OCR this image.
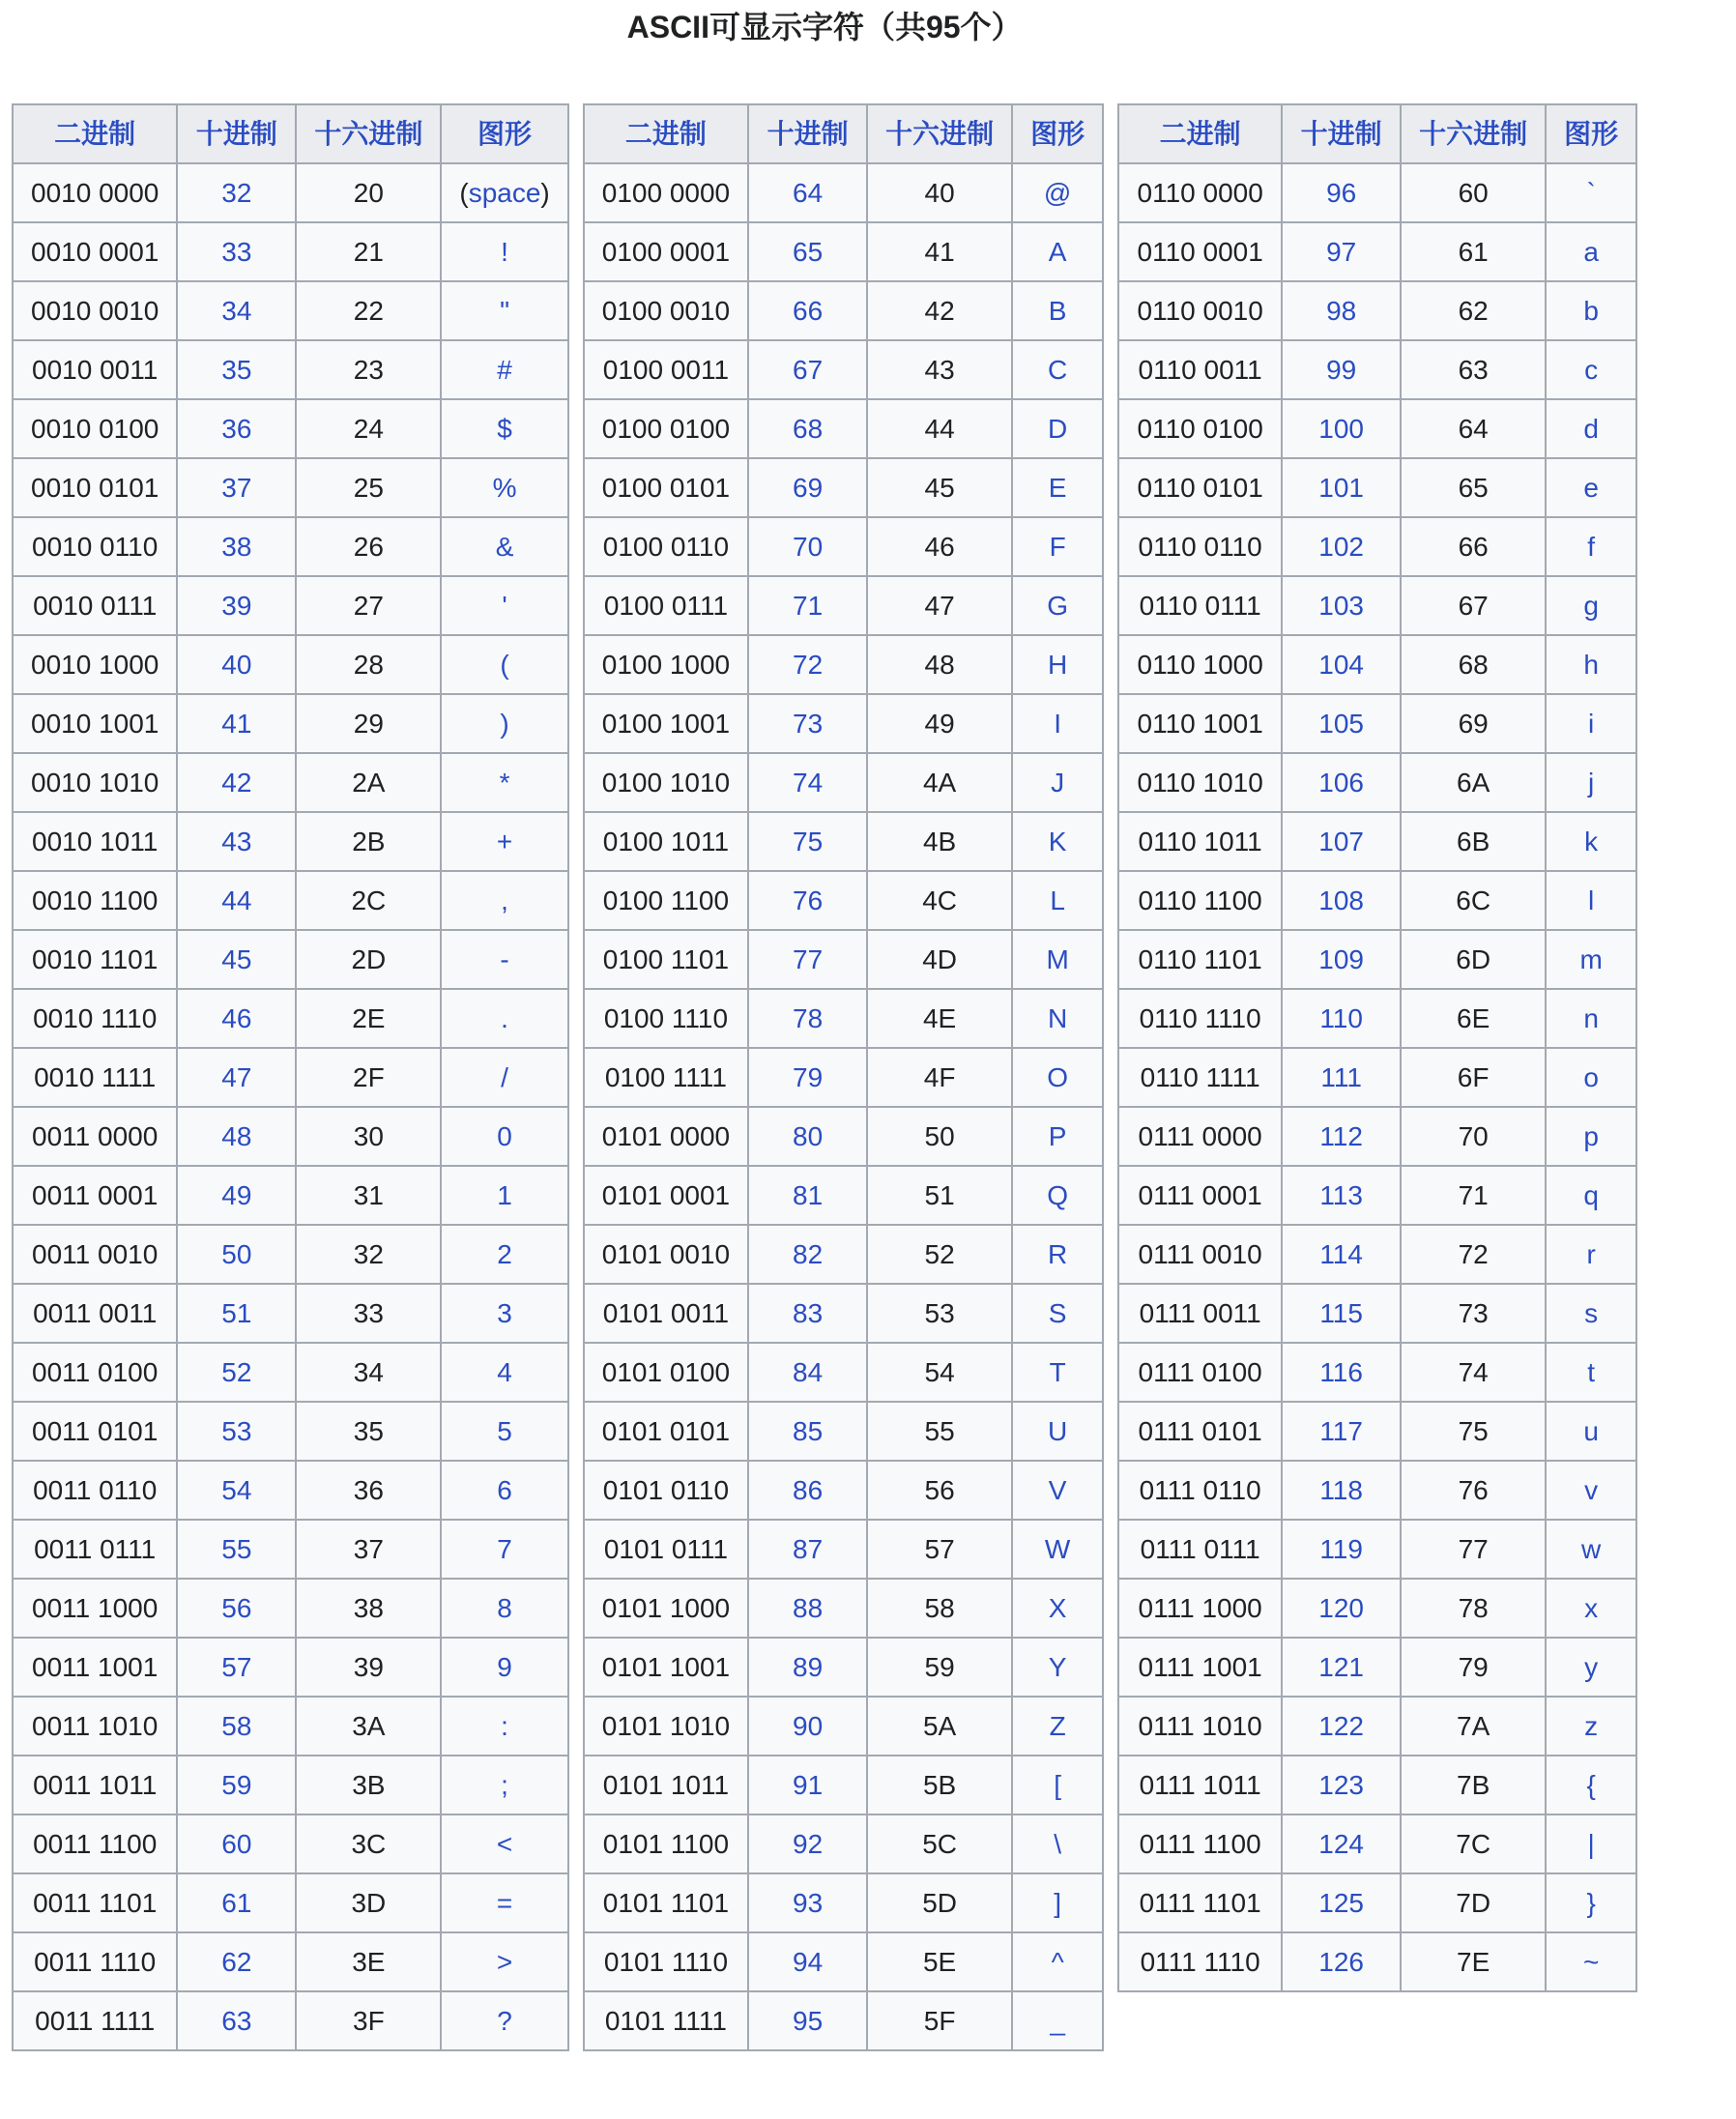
ASCII可显示字符（共95个）
二进制	十进制	十六进制	图形
0010 0000	32	20	(space)
0010 0001	33	21	!
0010 0010	34	22	"
0010 0011	35	23	#
0010 0100	36	24	$
0010 0101	37	25	%
0010 0110	38	26	&
0010 0111	39	27	'
0010 1000	40	28	(
0010 1001	41	29	)
0010 1010	42	2A	*
0010 1011	43	2B	+
0010 1100	44	2C	,
0010 1101	45	2D	-
0010 1110	46	2E	.
0010 1111	47	2F	/
0011 0000	48	30	0
0011 0001	49	31	1
0011 0010	50	32	2
0011 0011	51	33	3
0011 0100	52	34	4
0011 0101	53	35	5
0011 0110	54	36	6
0011 0111	55	37	7
0011 1000	56	38	8
0011 1001	57	39	9
0011 1010	58	3A	:
0011 1011	59	3B	;
0011 1100	60	3C	<
0011 1101	61	3D	=
0011 1110	62	3E	>
0011 1111	63	3F	?
二进制	十进制	十六进制	图形
0100 0000	64	40	@
0100 0001	65	41	A
0100 0010	66	42	B
0100 0011	67	43	C
0100 0100	68	44	D
0100 0101	69	45	E
0100 0110	70	46	F
0100 0111	71	47	G
0100 1000	72	48	H
0100 1001	73	49	I
0100 1010	74	4A	J
0100 1011	75	4B	K
0100 1100	76	4C	L
0100 1101	77	4D	M
0100 1110	78	4E	N
0100 1111	79	4F	O
0101 0000	80	50	P
0101 0001	81	51	Q
0101 0010	82	52	R
0101 0011	83	53	S
0101 0100	84	54	T
0101 0101	85	55	U
0101 0110	86	56	V
0101 0111	87	57	W
0101 1000	88	58	X
0101 1001	89	59	Y
0101 1010	90	5A	Z
0101 1011	91	5B	[
0101 1100	92	5C	\
0101 1101	93	5D	]
0101 1110	94	5E	^
0101 1111	95	5F	_
二进制	十进制	十六进制	图形
0110 0000	96	60	`
0110 0001	97	61	a
0110 0010	98	62	b
0110 0011	99	63	c
0110 0100	100	64	d
0110 0101	101	65	e
0110 0110	102	66	f
0110 0111	103	67	g
0110 1000	104	68	h
0110 1001	105	69	i
0110 1010	106	6A	j
0110 1011	107	6B	k
0110 1100	108	6C	l
0110 1101	109	6D	m
0110 1110	110	6E	n
0110 1111	111	6F	o
0111 0000	112	70	p
0111 0001	113	71	q
0111 0010	114	72	r
0111 0011	115	73	s
0111 0100	116	74	t
0111 0101	117	75	u
0111 0110	118	76	v
0111 0111	119	77	w
0111 1000	120	78	x
0111 1001	121	79	y
0111 1010	122	7A	z
0111 1011	123	7B	{
0111 1100	124	7C	|
0111 1101	125	7D	}
0111 1110	126	7E	~
